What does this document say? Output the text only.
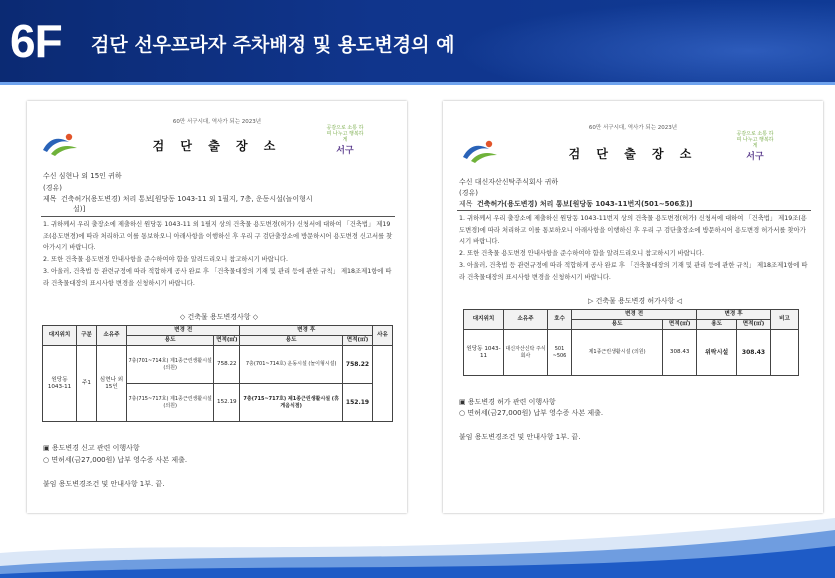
6F 검단 선우프라자 주차배정 및 용도변경의 예
60만 서구시대, 역사가 되는 2023년
검 단 출 장 소
공감으로 소통 하며 나누고 행복하게
서구
수신 심현나 외 15인 귀하
(경유)
제목 건축허가(용도변경) 처리 통보[원당동 1043-11 외 1필지, 7층, 운동시설(놀이형시
설)]
1. 귀하께서 우리 출장소에 제출하신 원당동 1043-11 외 1필지 상의 건축물 용도변경(허가) 신청서에 대하여 「건축법」 제19조(용도변경)에 따라 처리하고 이를 통보하오니 아래사항을 이행하신 후 우리 구 검단출장소에 방문하시어 용도변경 신고서를 찾아가시기 바랍니다.
2. 또한 건축물 용도변경 안내사항을 준수하여야 함을 알려드리오니 참고하시기 바랍니다.
3. 아울러, 건축법 등 관련규정에 따라 적합하게 공사 완료 후 「건축물대장의 기재 및 관리 등에 관한 규칙」 제18조제1항에 따라 건축물대장의 표시사항 변경을 신청하시기 바랍니다.
◇ 건축물 용도변경사항 ◇
대지위치	구분	소유주	변경 전		변경 후		사유
			용도	면적(㎡)	용도	면적(㎡)	
원당동 1043-11	주1	심현나 외 15인	7층(701~714호) 제1종근린생활시설 (의원)	758.22	7층(701~714호) 운동시설 (놀이형시설)	758.22	
			7층(715~717호) 제1종근린생활시설 (의원)	152.19	7층(715~717호) 제1종근린생활시설 (휴게음식점)	152.19	
▣ 용도변경 신고 관련 이행사항
○ 면허세(금27,000원) 납부 영수증 사본 제출.
붙임 용도변경조건 및 안내사항 1부. 끝.
60만 서구시대, 역사가 되는 2023년
검 단 출 장 소
공감으로 소통 하며 나누고 행복하게
서구
수신 대신자산신탁주식회사 귀하
(경유)
제목 건축허가(용도변경) 처리 통보[원당동 1043-11번지(501~506호)]
1. 귀하께서 우리 출장소에 제출하신 원당동 1043-11번지 상의 건축물 용도변경(허가) 신청서에 대하여 「건축법」 제19조(용도변경)에 따라 처리하고 이를 통보하오니 아래사항을 이행하신 후 우리 구 검단출장소에 방문하시어 용도변경 허가서를 찾아가시기 바랍니다.
2. 또한 건축물 용도변경 안내사항을 준수하여야 함을 알려드리오니 참고하시기 바랍니다.
3. 아울러, 건축법 등 관련규정에 따라 적합하게 공사 완료 후 「건축물대장의 기재 및 관리 등에 관한 규칙」 제18조제1항에 따라 건축물대장의 표시사항 변경을 신청하시기 바랍니다.
▷ 건축물 용도변경 허가사항 ◁
대지위치	소유주	호수	변경 전		변경 후		비고
			용도	면적(㎡)	용도	면적(㎡)	
원당동 1043-11	대신자산신탁 주식회사	501 ~506	제1종근린생활시설 (의원)	308.43	위락시설	308.43	
▣ 용도변경 허가 관련 이행사항
○ 면허세(금27,000원) 납부 영수증 사본 제출.
붙임 용도변경조건 및 안내사항 1부. 끝.
